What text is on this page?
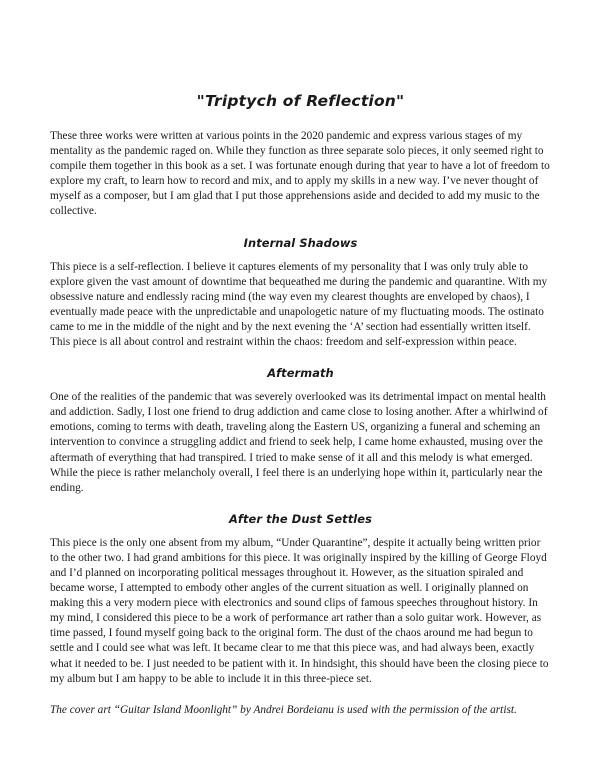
"Triptych of Reflection"

These three works were written at various points in the 2020 pandemic and express various stages of my mentality as the pandemic raged on. While they function as three separate solo pieces, it only seemed right to compile them together in this book as a set. I was fortunate enough during that year to have a lot of freedom to explore my craft, to learn how to record and mix, and to apply my skills in a new way. I’ve never thought of myself as a composer, but I am glad that I put those apprehensions aside and decided to add my music to the collective.

Internal Shadows

This piece is a self-reflection. I believe it captures elements of my personality that I was only truly able to explore given the vast amount of downtime that bequeathed me during the pandemic and quarantine. With my obsessive nature and endlessly racing mind (the way even my clearest thoughts are enveloped by chaos), I eventually made peace with the unpredictable and unapologetic nature of my fluctuating moods. The ostinato came to me in the middle of the night and by the next evening the ‘A’ section had essentially written itself. This piece is all about control and restraint within the chaos: freedom and self-expression within peace.

Aftermath

One of the realities of the pandemic that was severely overlooked was its detrimental impact on mental health and addiction. Sadly, I lost one friend to drug addiction and came close to losing another. After a whirlwind of emotions, coming to terms with death, traveling along the Eastern US, organizing a funeral and scheming an intervention to convince a struggling addict and friend to seek help, I came home exhausted, musing over the aftermath of everything that had transpired. I tried to make sense of it all and this melody is what emerged. While the piece is rather melancholy overall, I feel there is an underlying hope within it, particularly near the ending.

After the Dust Settles

This piece is the only one absent from my album, “Under Quarantine”, despite it actually being written prior to the other two. I had grand ambitions for this piece. It was originally inspired by the killing of George Floyd and I’d planned on incorporating political messages throughout it. However, as the situation spiraled and became worse, I attempted to embody other angles of the current situation as well. I originally planned on making this a very modern piece with electronics and sound clips of famous speeches throughout history. In my mind, I considered this piece to be a work of performance art rather than a solo guitar work. However, as time passed, I found myself going back to the original form. The dust of the chaos around me had begun to settle and I could see what was left. It became clear to me that this piece was, and had always been, exactly what it needed to be. I just needed to be patient with it. In hindsight, this should have been the closing piece to my album but I am happy to be able to include it in this three-piece set.

The cover art “Guitar Island Moonlight” by Andrei Bordeianu is used with the permission of the artist.
